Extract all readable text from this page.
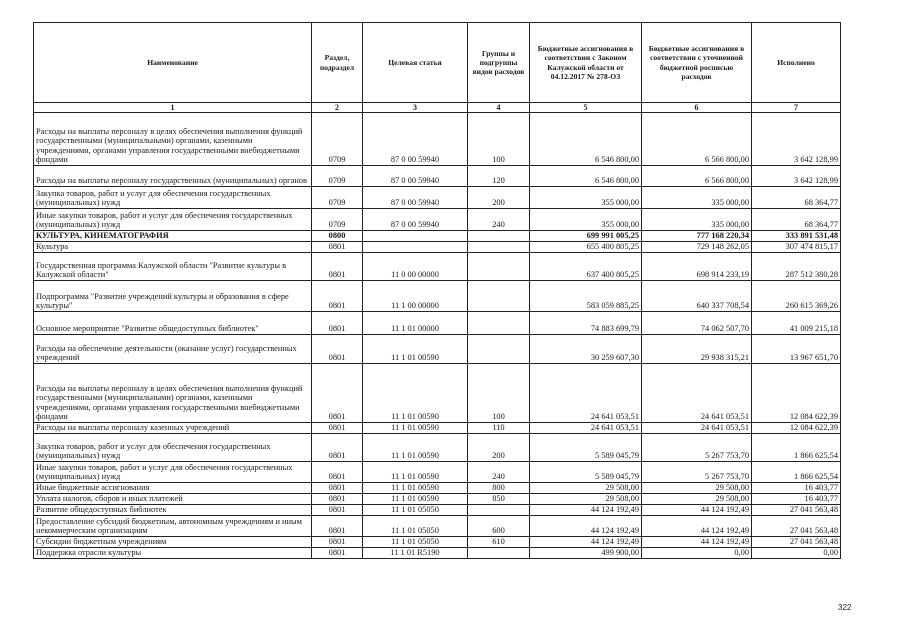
Наименование	Раздел, подраздел	Целевая статья	Группы и подгруппы видов расходов	Бюджетные ассигнования в соответствии с Законом Калужской области от 04.12.2017 № 278-ОЗ	Бюджетные ассигнования в соответствии с уточненной бюджетной росписью расходов	Исполнено
1	2	3	4	5	6	7
Расходы на выплаты персоналу в целях обеспечения выполнения функций государственными (муниципальными) органами, казенными учреждениями, органами управления государственными внебюджетными фондами	0709	87 0 00 59940	100	6 546 800,00	6 566 800,00	3 642 128,99
Расходы на выплаты персоналу государственных (муниципальных) органов	0709	87 0 00 59940	120	6 546 800,00	6 566 800,00	3 642 128,99
Закупка товаров, работ и услуг для обеспечения государственных (муниципальных) нужд	0709	87 0 00 59940	200	355 000,00	335 000,00	68 364,77
Иные закупки товаров, работ и услуг для обеспечения государственных (муниципальных) нужд	0709	87 0 00 59940	240	355 000,00	335 000,00	68 364,77
КУЛЬТУРА, КИНЕМАТОГРАФИЯ	0800			699 991 005,25	777 168 220,34	333 891 531,48
Культура	0801			655 400 805,25	729 148 262,05	307 474 815,17
Государственная программа Калужской области "Развитие культуры в Калужской области"	0801	11 0 00 00000		637 400 805,25	698 914 233,19	287 512 380,28
Подпрограмма "Развитие учреждений культуры и образования в сфере культуры"	0801	11 1 00 00000		583 059 885,25	640 337 708,54	260 615 369,26
Основное мероприятие "Развитие общедоступных библиотек"	0801	11 1 01 00000		74 883 699,79	74 062 507,70	41 009 215,18
Расходы на обеспечение деятельности (оказание услуг) государственных учреждений	0801	11 1 01 00590		30 259 607,30	29 938 315,21	13 967 651,70
Расходы на выплаты персоналу в целях обеспечения выполнения функций государственными (муниципальными) органами, казенными учреждениями, органами управления государственными внебюджетными фондами	0801	11 1 01 00590	100	24 641 053,51	24 641 053,51	12 084 622,39
Расходы на выплаты персоналу казенных учреждений	0801	11 1 01 00590	110	24 641 053,51	24 641 053,51	12 084 622,39
Закупка товаров, работ и услуг для обеспечения государственных (муниципальных) нужд	0801	11 1 01 00590	200	5 589 045,79	5 267 753,70	1 866 625,54
Иные закупки товаров, работ и услуг для обеспечения государственных (муниципальных) нужд	0801	11 1 01 00590	240	5 589 045,79	5 267 753,70	1 866 625,54
Иные бюджетные ассигнования	0801	11 1 01 00590	800	29 508,00	29 508,00	16 403,77
Уплата налогов, сборов и иных платежей	0801	11 1 01 00590	850	29 508,00	29 508,00	16 403,77
Развитие общедоступных библиотек	0801	11 1 01 05050		44 124 192,49	44 124 192,49	27 041 563,48
Предоставление субсидий бюджетным, автономным учреждениям и иным некоммерческим организациям	0801	11 1 01 05050	600	44 124 192,49	44 124 192,49	27 041 563,48
Субсидии бюджетным учреждениям	0801	11 1 01 05050	610	44 124 192,49	44 124 192,49	27 041 563,48
Поддержка отрасли культуры	0801	11 1 01 R5190		499 900,00	0,00	0,00
322
